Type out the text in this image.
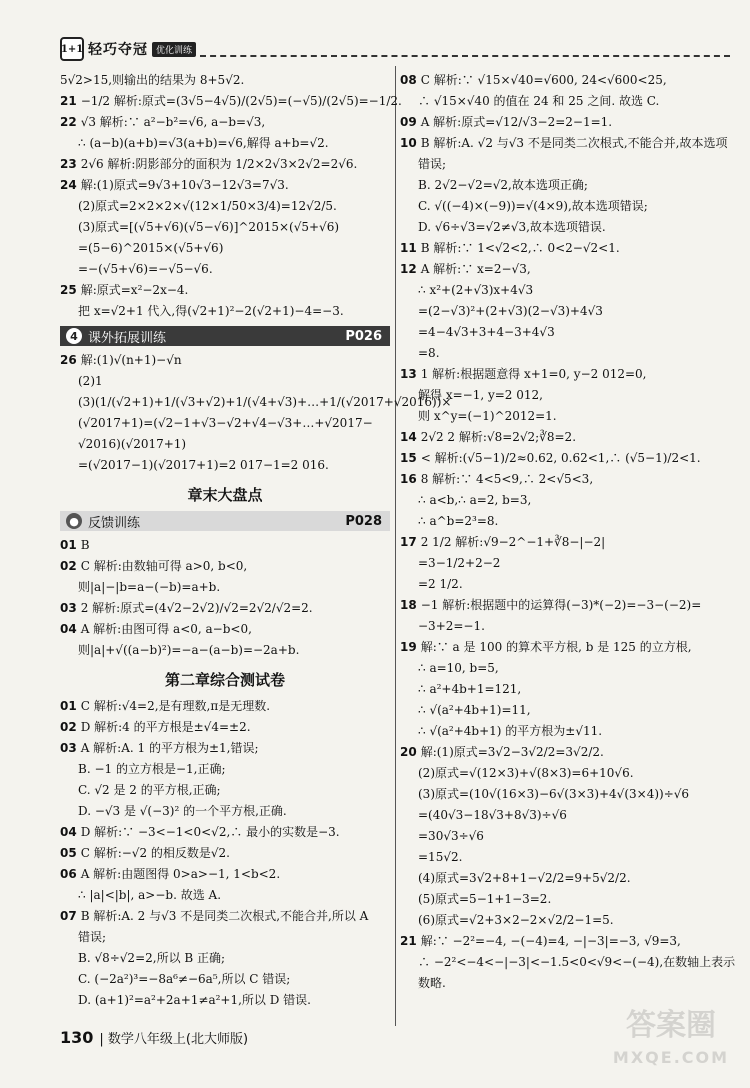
1+1 轻巧夺冠 优化训练
5√2>15,则输出的结果为 8+5√2.
21 −1/2 解析:原式=(3√5−4√5)/(2√5)=(−√5)/(2√5)=−1/2.
22 √3 解析:∵ a²−b²=√6, a−b=√3,
∴ (a−b)(a+b)=√3(a+b)=√6,解得 a+b=√2.
23 2√6 解析:阴影部分的面积为 1/2×2√3×2√2=2√6.
24 解:(1)原式=9√3+10√3−12√3=7√3.
(2)原式=2×2×2×√(12×1/50×3/4)=12√2/5.
(3)原式=[(√5+√6)(√5−√6)]^2015×(√5+√6)
=(5−6)^2015×(√5+√6)
=−(√5+√6)=−√5−√6.
25 解:原式=x²−2x−4.
把 x=√2+1 代入,得(√2+1)²−2(√2+1)−4=−3.
4 课外拓展训练	P026
26 解:(1)√(n+1)−√n
(2)1
(3)(1/(√2+1)+1/(√3+√2)+1/(√4+√3)+…+1/(√2017+√2016))×
(√2017+1)=(√2−1+√3−√2+√4−√3+…+√2017−
√2016)(√2017+1)
=(√2017−1)(√2017+1)=2 017−1=2 016.
章末大盘点
● 反馈训练	P028
01 B
02 C 解析:由数轴可得 a>0, b<0,
则|a|−|b=a−(−b)=a+b.
03 2 解析:原式=(4√2−2√2)/√2=2√2/√2=2.
04 A 解析:由图可得 a<0, a−b<0,
则|a|+√((a−b)²)=−a−(a−b)=−2a+b.
第二章综合测试卷
01 C 解析:√4=2,是有理数,π是无理数.
02 D 解析:4 的平方根是±√4=±2.
03 A 解析:A. 1 的平方根为±1,错误;
B. −1 的立方根是−1,正确;
C. √2 是 2 的平方根,正确;
D. −√3 是 √(−3)² 的一个平方根,正确.
04 D 解析:∵ −3<−1<0<√2,∴ 最小的实数是−3.
05 C 解析:−√2 的相反数是√2.
06 A 解析:由题图得 0>a>−1, 1<b<2.
∴ |a|<|b|, a>−b. 故选 A.
07 B 解析:A. 2 与√3 不是同类二次根式,不能合并,所以 A
错误;
B. √8÷√2=2,所以 B 正确;
C. (−2a²)³=−8a⁶≠−6a⁵,所以 C 错误;
D. (a+1)²=a²+2a+1≠a²+1,所以 D 错误.
08 C 解析:∵ √15×√40=√600, 24<√600<25,
∴ √15×√40 的值在 24 和 25 之间. 故选 C.
09 A 解析:原式=√12/√3−2=2−1=1.
10 B 解析:A. √2 与√3 不是同类二次根式,不能合并,故本选项
错误;
B. 2√2−√2=√2,故本选项正确;
C. √((−4)×(−9))=√(4×9),故本选项错误;
D. √6÷√3=√2≠√3,故本选项错误.
11 B 解析:∵ 1<√2<2,∴ 0<2−√2<1.
12 A 解析:∵ x=2−√3,
∴ x²+(2+√3)x+4√3
=(2−√3)²+(2+√3)(2−√3)+4√3
=4−4√3+3+4−3+4√3
=8.
13 1 解析:根据题意得 x+1=0, y−2 012=0,
解得 x=−1, y=2 012,
则 x^y=(−1)^2012=1.
14 2√2 2 解析:√8=2√2;∛8=2.
15 < 解析:(√5−1)/2≈0.62, 0.62<1,∴ (√5−1)/2<1.
16 8 解析:∵ 4<5<9,∴ 2<√5<3,
∴ a<b,∴ a=2, b=3,
∴ a^b=2³=8.
17 2 1/2 解析:√9−2^−1+∛8−|−2|
=3−1/2+2−2
=2 1/2.
18 −1 解析:根据题中的运算得(−3)*(−2)=−3−(−2)=
−3+2=−1.
19 解:∵ a 是 100 的算术平方根, b 是 125 的立方根,
∴ a=10, b=5,
∴ a²+4b+1=121,
∴ √(a²+4b+1)=11,
∴ √(a²+4b+1) 的平方根为±√11.
20 解:(1)原式=3√2−3√2/2=3√2/2.
(2)原式=√(12×3)+√(8×3)=6+10√6.
(3)原式=(10√(16×3)−6√(3×3)+4√(3×4))÷√6
=(40√3−18√3+8√3)÷√6
=30√3÷√6
=15√2.
(4)原式=3√2+8+1−√2/2=9+5√2/2.
(5)原式=5−1+1−3=2.
(6)原式=√2+3×2−2×√2/2−1=5.
21 解:∵ −2²=−4, −(−4)=4, −|−3|=−3, √9=3,
∴ −2²<−4<−|−3|<−1.5<0<√9<−(−4),在数轴上表示
数略.
130 | 数学八年级上(北大师版)	答案圈
MXQE.COM
